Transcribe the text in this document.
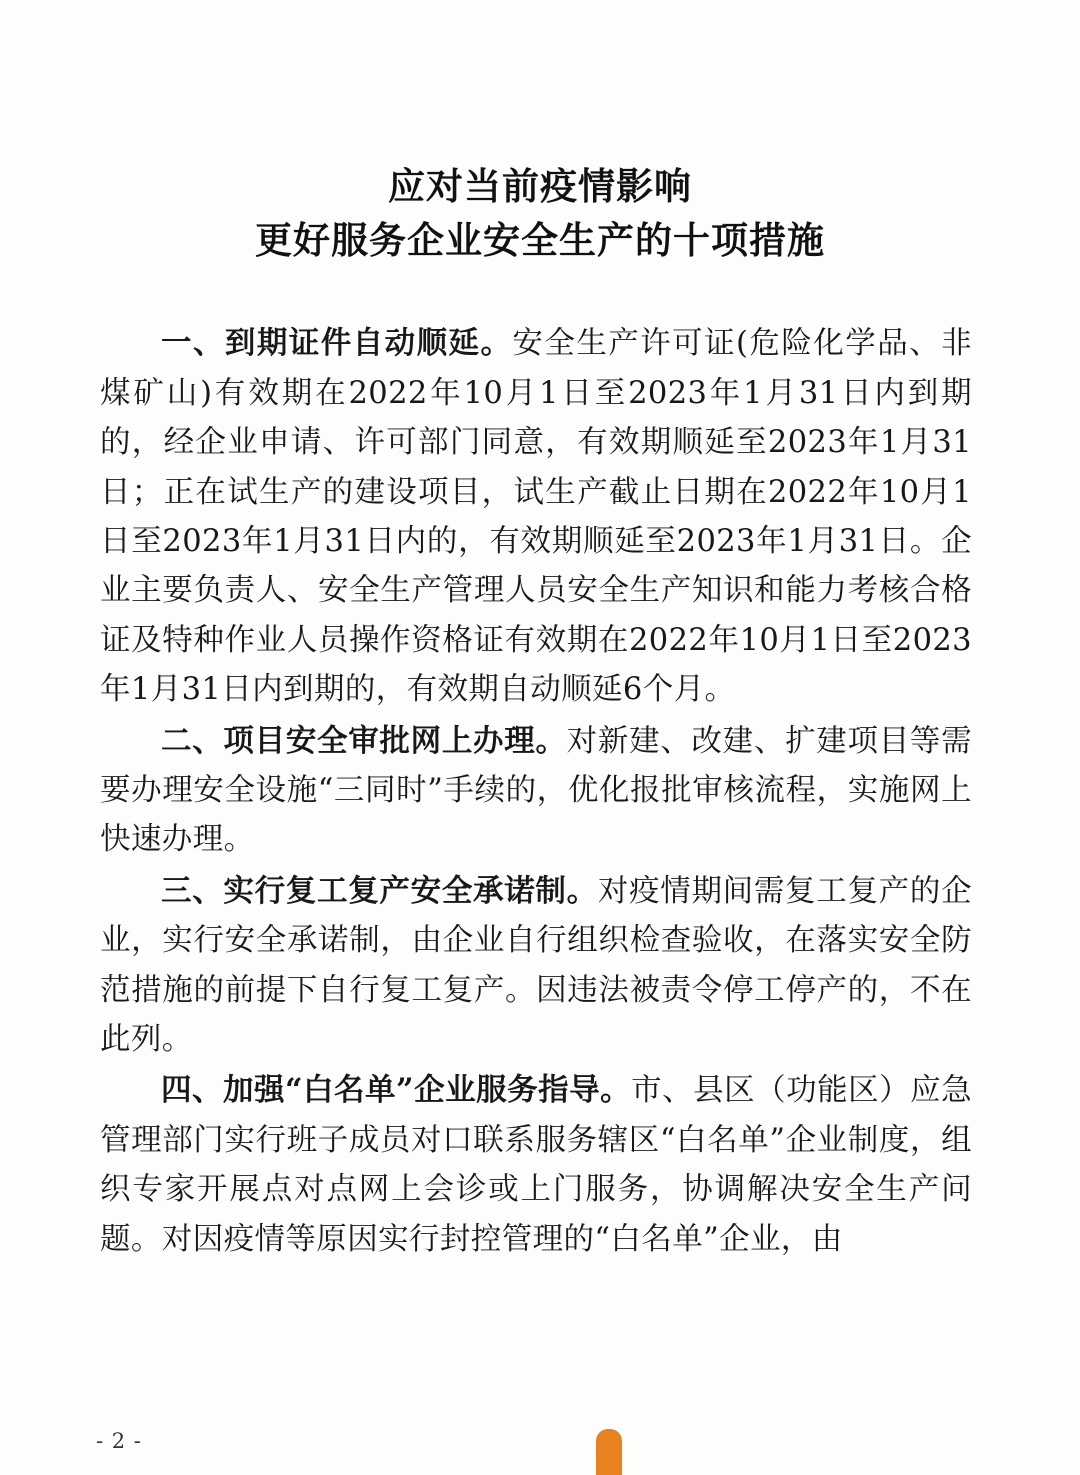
应对当前疫情影响
更好服务企业安全生产的十项措施

一、到期证件自动顺延。安全生产许可证(危险化学品、非煤矿山)有效期在2022年10月1日至2023年1月31日内到期的，经企业申请、许可部门同意，有效期顺延至2023年1月31日；正在试生产的建设项目，试生产截止日期在2022年10月1日至2023年1月31日内的，有效期顺延至2023年1月31日。企业主要负责人、安全生产管理人员安全生产知识和能力考核合格证及特种作业人员操作资格证有效期在2022年10月1日至2023年1月31日内到期的，有效期自动顺延6个月。

二、项目安全审批网上办理。对新建、改建、扩建项目等需要办理安全设施“三同时”手续的，优化报批审核流程，实施网上快速办理。

三、实行复工复产安全承诺制。对疫情期间需复工复产的企业，实行安全承诺制，由企业自行组织检查验收，在落实安全防范措施的前提下自行复工复产。因违法被责令停工停产的，不在此列。

四、加强“白名单”企业服务指导。市、县区（功能区）应急管理部门实行班子成员对口联系服务辖区“白名单”企业制度，组织专家开展点对点网上会诊或上门服务，协调解决安全生产问题。对因疫情等原因实行封控管理的“白名单”企业，由

- 2 -
